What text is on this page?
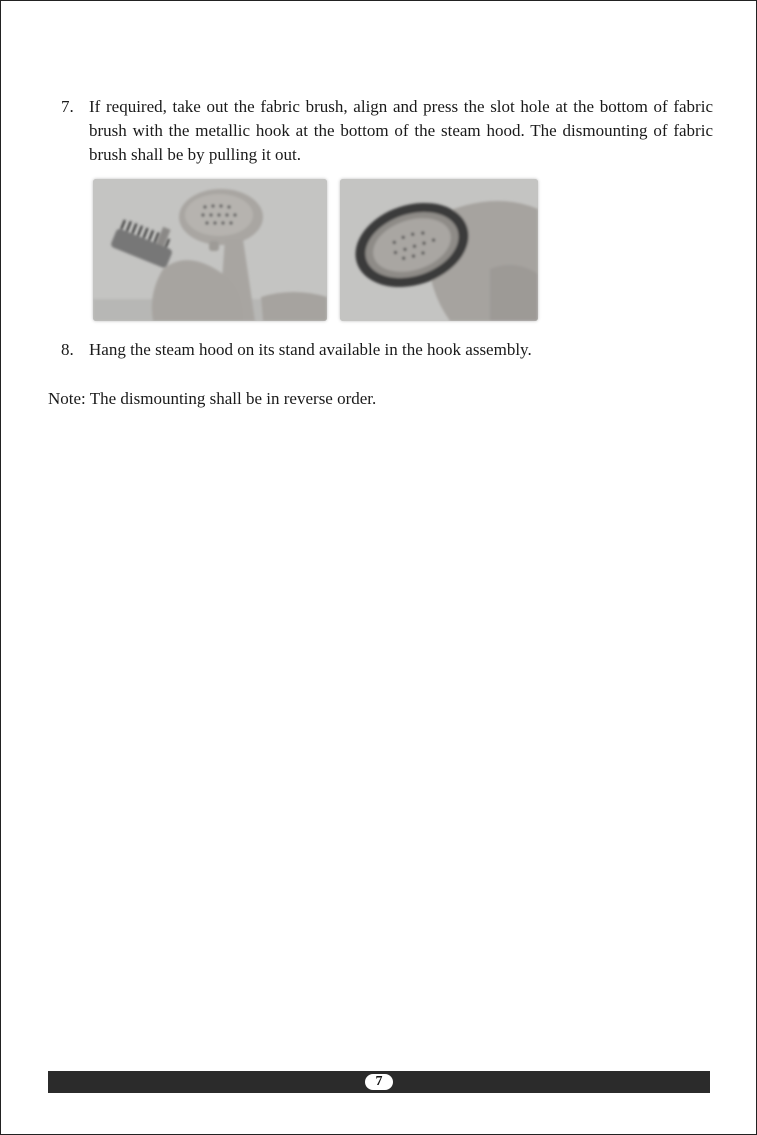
7. If required, take out the fabric brush, align and press the slot hole at the bottom of fabric brush with the metallic hook at the bottom of the steam hood. The dismounting of fabric brush shall be by pulling it out.
8. Hang the steam hood on its stand available in the hook assembly.
Note: The dismounting shall be in reverse order.
7
